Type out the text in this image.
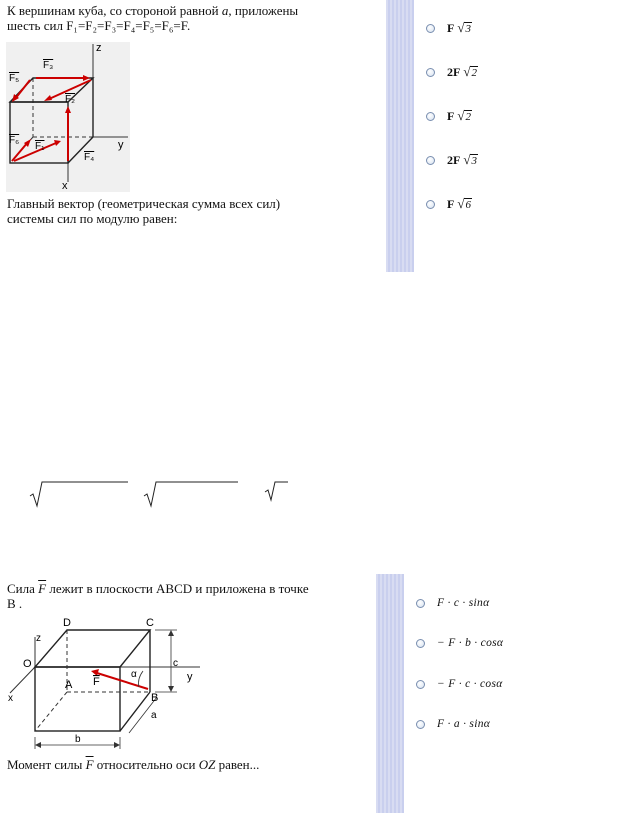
К вершинам куба, со стороной равной a, приложены
шесть сил F₁=F₂=F₃=F₄=F₅=F₆=F.
z
y
x
F₃
F₅
F₂
F₆
F₁
F₄
Главный вектор (геометрическая сумма всех сил)
системы сил по модулю равен:
F √3
2F √2
F √2
2F √3
F √6
Сила $\overline{F}$ лежит в плоскости ABCD и приложена в точке
B .
D	C
O
z
A F
α
c
y
B
x
a
b
Момент силы $\overline{F}$ относительно оси OZ равен...
F · c · sinα
− F · b · cosα
− F · c · cosα
F · a · sinα
